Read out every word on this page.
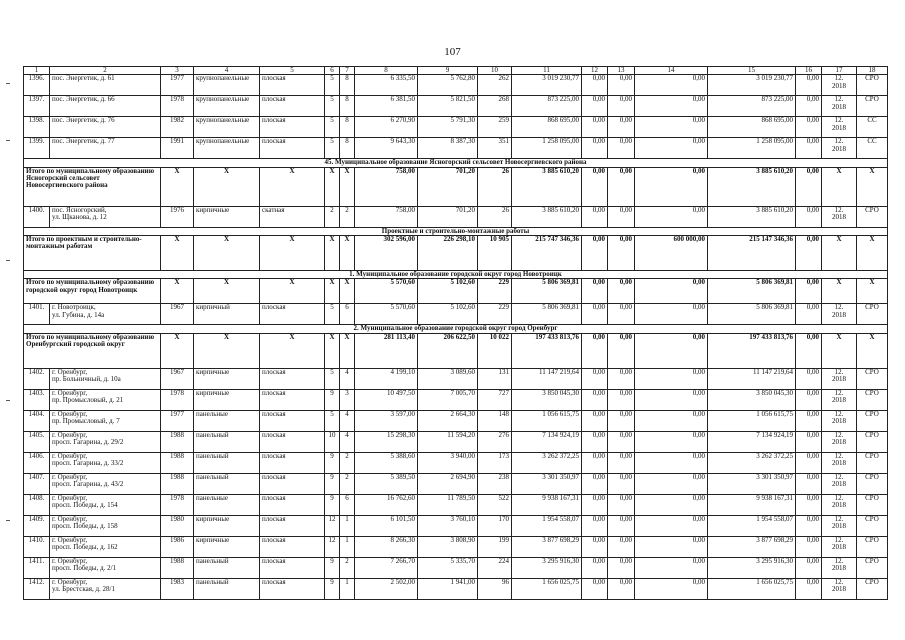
107
1	2	3	4	5	6	7	8	9	10	11	12	13	14	15	16	17	18
1396.	пос. Энергетик, д. 61	1977	крупнопанельные	плоская	5	8	6 335,50	5 762,80	262	3 019 230,77	0,00	0,00	0,00	3 019 230,77	0,00	12.
2018	СРО
1397.	пос. Энергетик, д. 66	1978	крупнопанельные	плоская	5	8	6 381,50	5 821,50	268	873 225,00	0,00	0,00	0,00	873 225,00	0,00	12.
2018	СРО
1398.	пос. Энергетик, д. 76	1982	крупнопанельные	плоская	5	8	6 270,90	5 791,30	259	868 695,00	0,00	0,00	0,00	868 695,00	0,00	12.
2018	СС
1399.	пос. Энергетик, д. 77	1991	крупнопанельные	плоская	5	8	9 643,30	8 387,30	351	1 258 095,00	0,00	0,00	0,00	1 258 095,00	0,00	12.
2018	СС
45. Муниципальное образование Ясногорский сельсовет Новосергиевского района																	
Итого по муниципальному образованию Ясногорский сельсовет Новосергиевского района		X	X	X	X	X	758,00	701,20	26	3 885 610,20	0,00	0,00	0,00	3 885 610,20	0,00	X	X
1400.	пос. Ясногорский,
ул. Щканова, д. 12	1976	кирпичные	скатная	2	2	758,00	701,20	26	3 885 610,20	0,00	0,00	0,00	3 885 610,20	0,00	12.
2018	СРО
Проектные и строительно-монтажные работы																	
Итого по проектным и строительно-монтажным работам		X	X	X	X	X	302 596,00	226 298,10	10 905	215 747 346,36	0,00	0,00	600 000,00	215 147 346,36	0,00	X	X
1. Муниципальное образование городской округ город Новотроицк																	
Итого по муниципальному образованию городской округ город Новотроицк		X	X	X	X	X	5 570,60	5 102,60	229	5 806 369,81	0,00	0,00	0,00	5 806 369,81	0,00	X	X
1401.	г. Новотроицк,
ул. Губина, д. 14а	1967	кирпичный	плоская	5	6	5 570,60	5 102,60	229	5 806 369,81	0,00	0,00	0,00	5 806 369,81	0,00	12.
2018	СРО
2. Муниципальное образование городской округ город Оренбург																	
Итого по муниципальному образованию Оренбургский городской округ		X	X	X	X	X	281 113,40	206 622,50	10 022	197 433 813,76	0,00	0,00	0,00	197 433 813,76	0,00	X	X
1402.	г. Оренбург,
пр. Больничный, д. 10а	1967	кирпичные	плоская	5	4	4 199,10	3 089,60	131	11 147 219,64	0,00	0,00	0,00	11 147 219,64	0,00	12.
2018	СРО
1403.	г. Оренбург,
пр. Промысловый, д. 21	1978	кирпичные	плоская	9	3	10 497,50	7 005,70	727	3 850 045,30	0,00	0,00	0,00	3 850 045,30	0,00	12.
2018	СРО
1404.	г. Оренбург,
пр. Промысловый, д. 7	1977	панельные	плоская	5	4	3 597,00	2 664,30	148	1 056 615,75	0,00	0,00	0,00	1 056 615,75	0,00	12.
2018	СРО
1405.	г. Оренбург,
просп. Гагарина, д. 29/2	1988	панельный	плоская	10	4	15 298,30	11 594,20	276	7 134 924,19	0,00	0,00	0,00	7 134 924,19	0,00	12.
2018	СРО
1406.	г. Оренбург,
просп. Гагарина, д. 33/2	1988	панельный	плоская	9	2	5 388,60	3 940,00	173	3 262 372,25	0,00	0,00	0,00	3 262 372,25	0,00	12.
2018	СРО
1407.	г. Оренбург,
просп. Гагарина, д. 43/2	1988	панельный	плоская	9	2	5 389,50	2 694,90	238	3 301 350,97	0,00	0,00	0,00	3 301 350,97	0,00	12.
2018	СРО
1408.	г. Оренбург,
просп. Победы, д. 154	1978	панельные	плоская	9	6	16 762,60	11 789,50	522	9 938 167,31	0,00	0,00	0,00	9 938 167,31	0,00	12.
2018	СРО
1409.	г. Оренбург,
просп. Победы, д. 158	1980	кирпичные	плоская	12	1	6 101,50	3 760,10	170	1 954 558,07	0,00	0,00	0,00	1 954 558,07	0,00	12.
2018	СРО
1410.	г. Оренбург,
просп. Победы, д. 162	1986	кирпичные	плоская	12	1	8 266,30	3 808,90	199	3 877 698,29	0,00	0,00	0,00	3 877 698,29	0,00	12.
2018	СРО
1411.	г. Оренбург,
просп. Победы, д. 2/1	1988	панельный	плоская	9	2	7 266,70	5 335,70	224	3 295 916,30	0,00	0,00	0,00	3 295 916,30	0,00	12.
2018	СРО
1412.	г. Оренбург,
ул. Брестская, д. 28/1	1983	панельный	плоская	9	1	2 502,00	1 941,00	96	1 656 025,75	0,00	0,00	0,00	1 656 025,75	0,00	12.
2018	СРО
